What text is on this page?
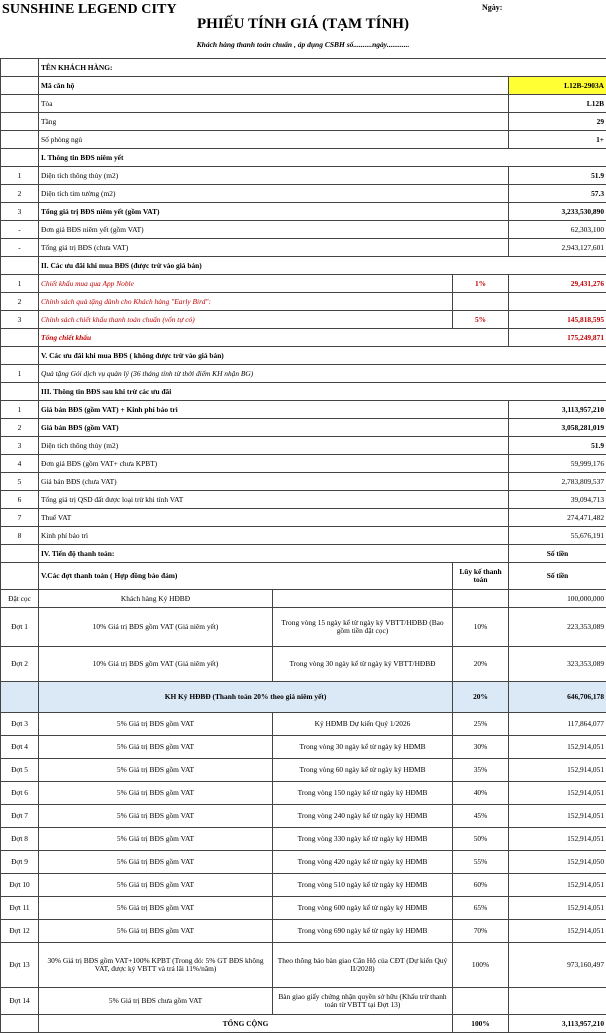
SUNSHINE LEGEND CITY	Ngày:
PHIẾU TÍNH GIÁ (TẠM TÍNH)
Khách hàng thanh toán chuẩn , áp dụng CSBH số..........ngày............
	TÊN KHÁCH HÀNG:			
	Mã căn hộ			L12B-2903A
	Tòa			L12B
	Tầng			29
	Số phòng ngủ			1+
	I. Thông tin BĐS niêm yết			
1	Diện tích thông thủy (m2)			51.9
2	Diện tích tim tường (m2)			57.3
3	Tổng giá trị BĐS niêm yết (gồm VAT)			3,233,530,890
-	Đơn giá BĐS niêm yết (gồm VAT)			62,303,100
-	Tổng giá trị BĐS (chưa VAT)			2,943,127,601
	II. Các ưu đãi khi mua BĐS (được trừ vào giá bán)			
1	Chiết khấu mua qua App Noble		1%	29,431,276
2	Chính sách quà tặng dành cho Khách hàng "Early Bird":			
3	Chính sách chiết khấu thanh toán chuẩn (vốn tự có)		5%	145,818,595
	Tổng chiết khấu			175,249,871
	V. Các ưu đãi khi mua BĐS ( không được trừ vào giá bán)			
1	Quà tặng Gói dịch vụ quản lý (36 tháng tính từ thời điểm KH nhận BG)			
	III. Thông tin BĐS sau khi trừ các ưu đãi			
1	Giá bán BĐS (gồm VAT) + Kinh phí bảo trì			3,113,957,210
2	Giá bán BĐS (gồm VAT)			3,058,281,019
3	Diện tích thông thủy (m2)			51.9
4	Đơn giá BĐS (gồm VAT+ chưa KPBT)			59,999,176
5	Giá bán BĐS (chưa VAT)			2,783,809,537
6	Tổng giá trị QSD đất được loại trừ khi tính VAT			39,094,713
7	Thuế VAT			274,471,482
8	Kinh phí bảo trì			55,676,191
	IV. Tiến độ thanh toán:			Số tiền
	V.Các đợt thanh toán ( Hợp đồng bảo đảm)		Lũy kế thanh toán	Số tiền
Đặt cọc	Khách hàng Ký HĐBĐ			100,000,000
Đợt 1	10% Giá trị BĐS gồm VAT (Giá niêm yết)	Trong vòng 15 ngày kể từ ngày ký VBTT/HĐBĐ (Bao gồm tiền đặt cọc)	10%	223,353,089
Đợt 2	10% Giá trị BĐS gồm VAT (Giá niêm yết)	Trong vòng 30 ngày kể từ ngày ký VBTT/HĐBĐ	20%	323,353,089
	KH Ký HĐBĐ (Thanh toán 20% theo giá niêm yết)		20%	646,706,178
Đợt 3	5% Giá trị BĐS gồm VAT	Ký HĐMB Dự kiến Quý 1/2026	25%	117,864,077
Đợt 4	5% Giá trị BĐS gồm VAT	Trong vòng 30 ngày kể từ ngày ký HĐMB	30%	152,914,051
Đợt 5	5% Giá trị BĐS gồm VAT	Trong vòng 60 ngày kể từ ngày ký HĐMB	35%	152,914,051
Đợt 6	5% Giá trị BĐS gồm VAT	Trong vòng 150 ngày kể từ ngày ký HĐMB	40%	152,914,051
Đợt 7	5% Giá trị BĐS gồm VAT	Trong vòng 240 ngày kể từ ngày ký HĐMB	45%	152,914,051
Đợt 8	5% Giá trị BĐS gồm VAT	Trong vòng 330 ngày kể từ ngày ký HĐMB	50%	152,914,051
Đợt 9	5% Giá trị BĐS gồm VAT	Trong vòng 420 ngày kể từ ngày ký HĐMB	55%	152,914,050
Đợt 10	5% Giá trị BĐS gồm VAT	Trong vòng 510 ngày kể từ ngày ký HĐMB	60%	152,914,051
Đợt 11	5% Giá trị BĐS gồm VAT	Trong vòng 600 ngày kể từ ngày ký HĐMB	65%	152,914,051
Đợt 12	5% Giá trị BĐS gồm VAT	Trong vòng 690 ngày kể từ ngày ký HĐMB	70%	152,914,051
Đợt 13	30% Giá trị BĐS gồm VAT+100% KPBT (Trong đó: 5% GT BĐS không VAT, được ký VBTT và trả lãi 11%/năm)	Theo thông báo bàn giao Căn Hộ của CĐT (Dự kiến Quý II/2028)	100%	973,160,497
Đợt 14	5% Giá trị BĐS chưa gồm VAT	Bàn giao giấy chứng nhận quyền sở hữu (Khấu trừ thanh toán từ VBTT tại Đợt 13)		
	TỔNG CỘNG		100%	3,113,957,210
